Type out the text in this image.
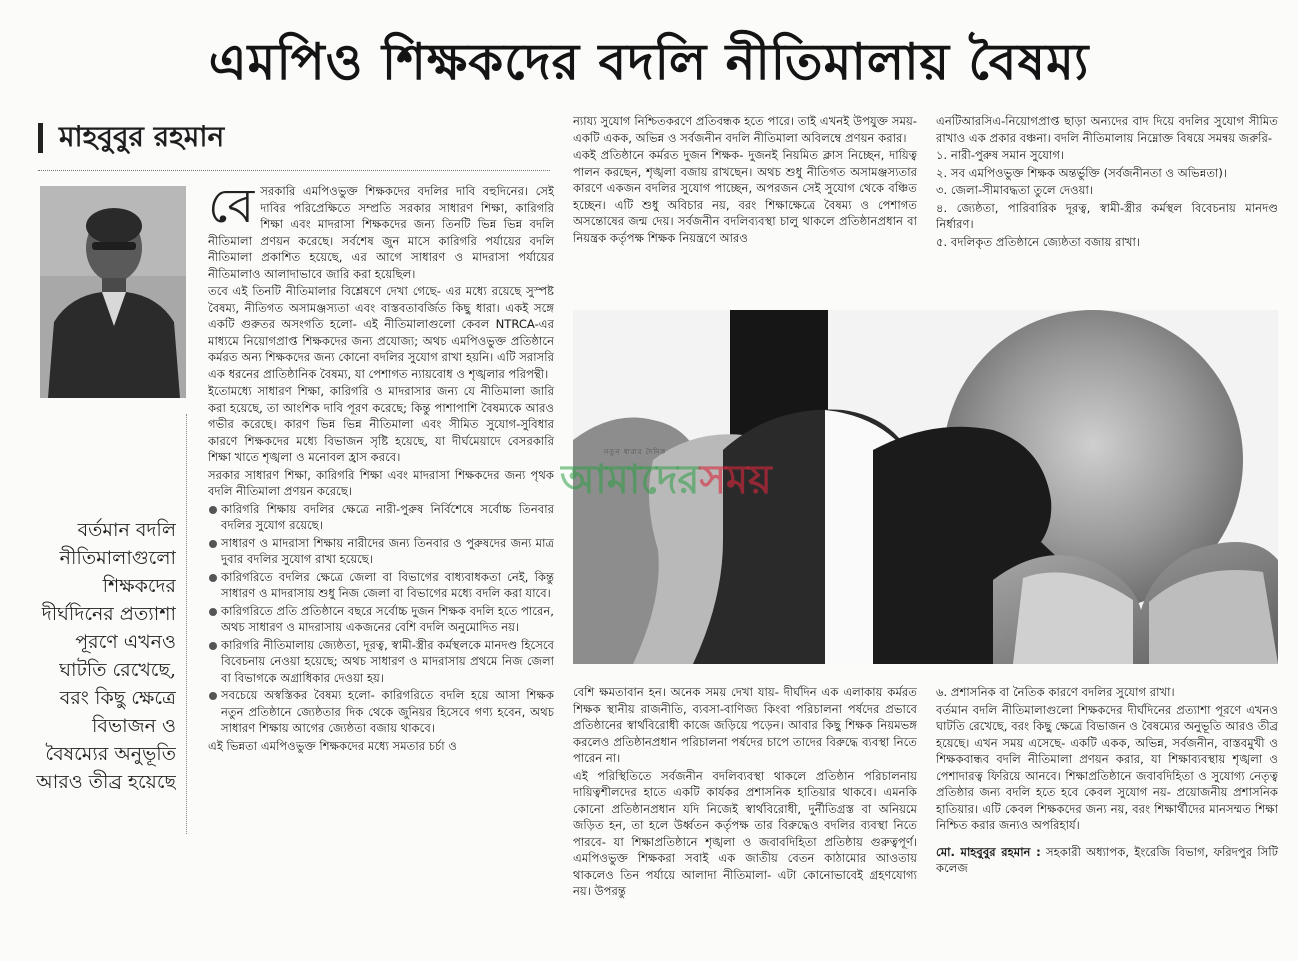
এমপিও শিক্ষকদের বদলি নীতিমালায় বৈষম্য
মাহবুবুর রহমান
বর্তমান বদলি নীতিমালাগুলো শিক্ষকদের দীর্ঘদিনের প্রত্যাশা পূরণে এখনও ঘাটতি রেখেছে, বরং কিছু ক্ষেত্রে বিভাজন ও বৈষম্যের অনুভূতি আরও তীব্র হয়েছে

বেসরকারি এমপিওভুক্ত শিক্ষকদের বদলির দাবি বহুদিনের। সেই দাবির পরিপ্রেক্ষিতে সম্প্রতি সরকার সাধারণ শিক্ষা, কারিগরি শিক্ষা এবং মাদরাসা শিক্ষকদের জন্য তিনটি ভিন্ন ভিন্ন বদলি নীতিমালা প্রণয়ন করেছে। সর্বশেষ জুন মাসে কারিগরি পর্যায়ের বদলি নীতিমালা প্রকাশিত হয়েছে, এর আগে সাধারণ ও মাদরাসা পর্যায়ের নীতিমালাও আলাদাভাবে জারি করা হয়েছিল।

তবে এই তিনটি নীতিমালার বিশ্লেষণে দেখা গেছে- এর মধ্যে রয়েছে সুস্পষ্ট বৈষম্য, নীতিগত অসামঞ্জস্যতা এবং বাস্তবতাবর্জিত কিছু ধারা। একই সঙ্গে একটি গুরুতর অসংগতি হলো- এই নীতিমালাগুলো কেবল NTRCA-এর মাধ্যমে নিয়োগপ্রাপ্ত শিক্ষকদের জন্য প্রযোজ্য; অথচ এমপিওভুক্ত প্রতিষ্ঠানে কর্মরত অন্য শিক্ষকদের জন্য কোনো বদলির সুযোগ রাখা হয়নি। এটি সরাসরি এক ধরনের প্রাতিষ্ঠানিক বৈষম্য, যা পেশাগত ন্যায়বোধ ও শৃঙ্খলার পরিপন্থী।

ইতোমধ্যে সাধারণ শিক্ষা, কারিগরি ও মাদরাসার জন্য যে নীতিমালা জারি করা হয়েছে, তা আংশিক দাবি পূরণ করেছে; কিন্তু পাশাপাশি বৈষম্যকে আরও গভীর করেছে। কারণ ভিন্ন ভিন্ন নীতিমালা এবং সীমিত সুযোগ-সুবিধার কারণে শিক্ষকদের মধ্যে বিভাজন সৃষ্টি হয়েছে, যা দীর্ঘমেয়াদে বেসরকারি শিক্ষা খাতে শৃঙ্খলা ও মনোবল হ্রাস করবে।

সরকার সাধারণ শিক্ষা, কারিগরি শিক্ষা এবং মাদরাসা শিক্ষকদের জন্য পৃথক বদলি নীতিমালা প্রণয়ন করেছে।

কারিগরি শিক্ষায় বদলির ক্ষেত্রে নারী-পুরুষ নির্বিশেষে সর্বোচ্চ তিনবার বদলির সুযোগ রয়েছে।
সাধারণ ও মাদরাসা শিক্ষায় নারীদের জন্য তিনবার ও পুরুষদের জন্য মাত্র দুবার বদলির সুযোগ রাখা হয়েছে।
কারিগরিতে বদলির ক্ষেত্রে জেলা বা বিভাগের বাধ্যবাধকতা নেই, কিন্তু সাধারণ ও মাদরাসায় শুধু নিজ জেলা বা বিভাগের মধ্যে বদলি করা যাবে।
কারিগরিতে প্রতি প্রতিষ্ঠানে বছরে সর্বোচ্চ দুজন শিক্ষক বদলি হতে পারেন, অথচ সাধারণ ও মাদরাসায় একজনের বেশি বদলি অনুমোদিত নয়।
কারিগরি নীতিমালায় জ্যেষ্ঠতা, দূরত্ব, স্বামী-স্ত্রীর কর্মস্থলকে মানদণ্ড হিসেবে বিবেচনায় নেওয়া হয়েছে; অথচ সাধারণ ও মাদরাসায় প্রথমে নিজ জেলা বা বিভাগকে অগ্রাধিকার দেওয়া হয়।
সবচেয়ে অস্বস্তিকর বৈষম্য হলো- কারিগরিতে বদলি হয়ে আসা শিক্ষক নতুন প্রতিষ্ঠানে জ্যেষ্ঠতার দিক থেকে জুনিয়র হিসেবে গণ্য হবেন, অথচ সাধারণ শিক্ষায় আগের জ্যেষ্ঠতা বজায় থাকবে।

এই ভিন্নতা এমপিওভুক্ত শিক্ষকদের মধ্যে সমতার চর্চা ও

ন্যায্য সুযোগ নিশ্চিতকরণে প্রতিবন্ধক হতে পারে। তাই এখনই উপযুক্ত সময়- একটি একক, অভিন্ন ও সর্বজনীন বদলি নীতিমালা অবিলম্বে প্রণয়ন করার।

একই প্রতিষ্ঠানে কর্মরত দুজন শিক্ষক- দুজনই নিয়মিত ক্লাস নিচ্ছেন, দায়িত্ব পালন করছেন, শৃঙ্খলা বজায় রাখছেন। অথচ শুধু নীতিগত অসামঞ্জস্যতার কারণে একজন বদলির সুযোগ পাচ্ছেন, অপরজন সেই সুযোগ থেকে বঞ্চিত হচ্ছেন। এটি শুধু অবিচার নয়, বরং শিক্ষাক্ষেত্রে বৈষম্য ও পেশাগত অসন্তোষের জন্ম দেয়। সর্বজনীন বদলিব্যবস্থা চালু থাকলে প্রতিষ্ঠানপ্রধান বা নিয়ন্ত্রক কর্তৃপক্ষ শিক্ষক নিয়ন্ত্রণে আরও

এনটিআরসিএ-নিয়োগপ্রাপ্ত ছাড়া অন্যদের বাদ দিয়ে বদলির সুযোগ সীমিত রাখাও এক প্রকার বঞ্চনা। বদলি নীতিমালায় নিম্নোক্ত বিষয়ে সমন্বয় জরুরি-

১. নারী-পুরুষ সমান সুযোগ।

২. সব এমপিওভুক্ত শিক্ষক অন্তর্ভুক্তি (সর্বজনীনতা ও অভিন্নতা)।

৩. জেলা-সীমাবদ্ধতা তুলে দেওয়া।

৪. জ্যেষ্ঠতা, পারিবারিক দূরত্ব, স্বামী-স্ত্রীর কর্মস্থল বিবেচনায় মানদণ্ড নির্ধারণ।

৫. বদলিকৃত প্রতিষ্ঠানে জ্যেষ্ঠতা বজায় রাখা।

নতুন ধারার দৈনিক
আমাদেরসময়

বেশি ক্ষমতাবান হন। অনেক সময় দেখা যায়- দীর্ঘদিন এক এলাকায় কর্মরত শিক্ষক স্থানীয় রাজনীতি, ব্যবসা-বাণিজ্য কিংবা পরিচালনা পর্ষদের প্রভাবে প্রতিষ্ঠানের স্বার্থবিরোধী কাজে জড়িয়ে পড়েন। আবার কিছু শিক্ষক নিয়মভঙ্গ করলেও প্রতিষ্ঠানপ্রধান পরিচালনা পর্ষদের চাপে তাদের বিরুদ্ধে ব্যবস্থা নিতে পারেন না।

এই পরিস্থিতিতে সর্বজনীন বদলিব্যবস্থা থাকলে প্রতিষ্ঠান পরিচালনায় দায়িত্বশীলদের হাতে একটি কার্যকর প্রশাসনিক হাতিয়ার থাকবে। এমনকি কোনো প্রতিষ্ঠানপ্রধান যদি নিজেই স্বার্থবিরোধী, দুর্নীতিগ্রস্ত বা অনিয়মে জড়িত হন, তা হলে উর্ধ্বতন কর্তৃপক্ষ তার বিরুদ্ধেও বদলির ব্যবস্থা নিতে পারবে- যা শিক্ষাপ্রতিষ্ঠানে শৃঙ্খলা ও জবাবদিহিতা প্রতিষ্ঠায় গুরুত্বপূর্ণ। এমপিওভুক্ত শিক্ষকরা সবাই এক জাতীয় বেতন কাঠামোর আওতায় থাকলেও তিন পর্যায়ে আলাদা নীতিমালা- এটা কোনোভাবেই গ্রহণযোগ্য নয়। উপরন্তু

৬. প্রশাসনিক বা নৈতিক কারণে বদলির সুযোগ রাখা।

বর্তমান বদলি নীতিমালাগুলো শিক্ষকদের দীর্ঘদিনের প্রত্যাশা পূরণে এখনও ঘাটতি রেখেছে, বরং কিছু ক্ষেত্রে বিভাজন ও বৈষম্যের অনুভূতি আরও তীব্র হয়েছে। এখন সময় এসেছে- একটি একক, অভিন্ন, সর্বজনীন, বাস্তবমুখী ও শিক্ষকবান্ধব বদলি নীতিমালা প্রণয়ন করার, যা শিক্ষাব্যবস্থায় শৃঙ্খলা ও পেশাদারত্ব ফিরিয়ে আনবে। শিক্ষাপ্রতিষ্ঠানে জবাবদিহিতা ও সুযোগ্য নেতৃত্ব প্রতিষ্ঠার জন্য বদলি হতে হবে কেবল সুযোগ নয়- প্রয়োজনীয় প্রশাসনিক হাতিয়ার। এটি কেবল শিক্ষকদের জন্য নয়, বরং শিক্ষার্থীদের মানসম্মত শিক্ষা নিশ্চিত করার জন্যও অপরিহার্য।

মো. মাহবুবুর রহমান : সহকারী অধ্যাপক, ইংরেজি বিভাগ, ফরিদপুর সিটি কলেজ
